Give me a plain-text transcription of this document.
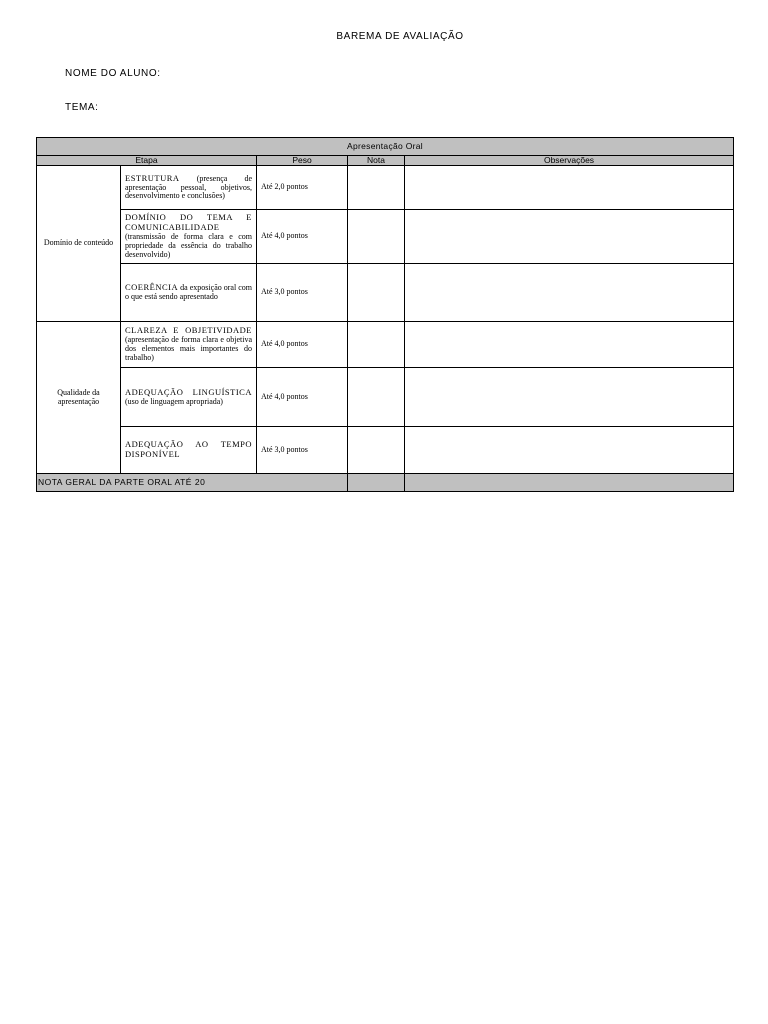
BAREMA DE AVALIAÇÃO
NOME DO ALUNO:
TEMA:
Apresentação Oral				
Etapa		Peso	Nota	Observações
Domínio de conteúdo	ESTRUTURA (presença de apresentação pessoal, objetivos, desenvolvimento e conclusões)	Até 2,0 pontos		
	DOMÍNIO DO TEMA E COMUNICABILIDADE (transmissão de forma clara e com propriedade da essência do trabalho desenvolvido)	Até 4,0 pontos		
	COERÊNCIA da exposição oral com o que está sendo apresentado	Até 3,0 pontos		
Qualidade da apresentação	CLAREZA E OBJETIVIDADE (apresentação de forma clara e objetiva dos elementos mais importantes do trabalho)	Até 4,0 pontos		
	ADEQUAÇÃO LINGUÍSTICA (uso de linguagem apropriada)	Até 4,0 pontos		
	ADEQUAÇÃO AO TEMPO DISPONÍVEL	Até 3,0 pontos		
NOTA GERAL DA PARTE ORAL ATÉ 20				
